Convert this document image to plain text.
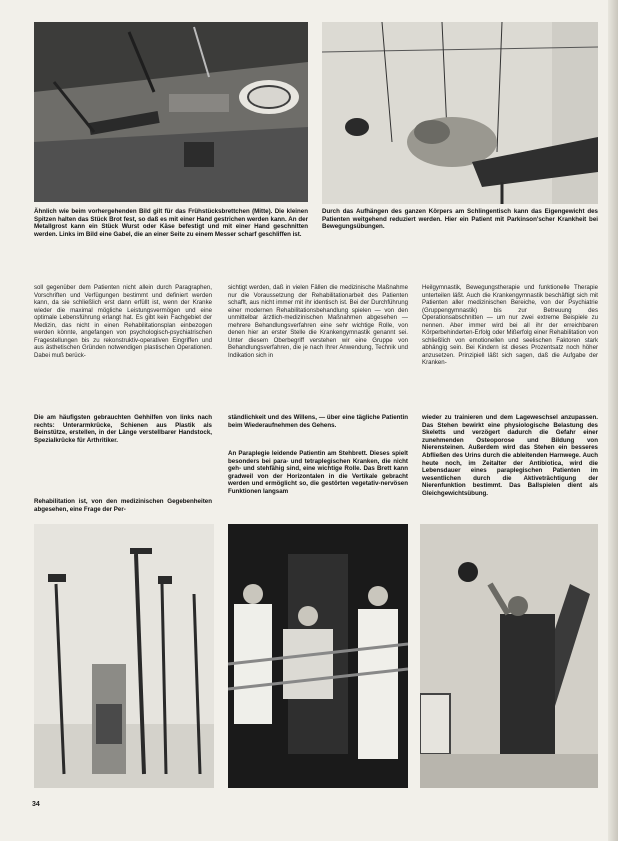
Ähnlich wie beim vorhergehenden Bild gilt für das Frühstücksbrettchen (Mitte). Die kleinen Spitzen halten das Stück Brot fest, so daß es mit einer Hand gestrichen werden kann. An der Metallgrost kann ein Stück Wurst oder Käse befestigt und mit einer Hand geschnitten werden. Links im Bild eine Gabel, die an einer Seite zu einem Messer scharf geschliffen ist.

Durch das Aufhängen des ganzen Körpers am Schlingentisch kann das Eigengewicht des Patienten weitgehend reduziert werden. Hier ein Patient mit Parkinson'scher Krankheit bei Bewegungsübungen.

soll gegenüber dem Patienten nicht allein durch Paragraphen, Vorschriften und Verfügungen bestimmt und definiert werden kann, da sie schließlich erst dann erfüllt ist, wenn der Kranke wieder die maximal mögliche Leistungsvermögen und eine optimale Lebensführung erlangt hat. Es gibt kein Fachgebiet der Medizin, das nicht in einen Rehabilitationsplan einbezogen werden könnte, angefangen von psychologisch-psychiatrischen Fragestellungen bis zu rekonstruktiv-operativen Eingriffen und aus ästhetischen Gründen notwendigen plastischen Operationen. Dabei muß berück-

sichtigt werden, daß in vielen Fällen die medizinische Maßnahme nur die Voraussetzung der Rehabilitationarbeit des Patienten schafft, aus nicht immer mit ihr identisch ist. Bei der Durchführung einer modernen Rehabilitationsbehandlung spielen — von den unmittelbar ärztlich-medizinischen Maßnahmen abgesehen — mehrere Behandlungsverfahren eine sehr wichtige Rolle, von denen hier an erster Stelle die Krankengymnastik genannt sei. Unter diesem Oberbegriff verstehen wir eine Gruppe von Behandlungsverfahren, die je nach Ihrer Anwendung, Technik und Indikation sich in

Heilgymnastik, Bewegungstherapie und funktionelle Therapie unterteilen läßt. Auch die Krankengymnastik beschäftigt sich mit Patienten aller medizinischen Bereiche, von der Psychiatrie (Gruppengymnastik) bis zur Betreuung des Operationsabschnitten — um nur zwei extreme Beispiele zu nennen. Aber immer wird bei all ihr der erreichbaren Körperbehinderten-Erfolg oder Mißerfolg einer Rehabilitation von schließlich von emotionellen und seelischen Faktoren stark abhängig sein. Bei Kindern ist dieses Prozentsatz noch höher anzusetzen. Prinzipiell läßt sich sagen, daß die Aufgabe der Kranken-

Die am häufigsten gebrauchten Gehhilfen von links nach rechts: Unterarmkrücke, Schienen aus Plastik als Beinstütze, erstellen, in der Länge verstellbarer Handstock, Spezialkrücke für Arthritiker.

ständlichkeit und des Willens, — über eine tägliche Patientin beim Wiederaufnehmen des Gehens.

An Paraplegie leidende Patientin am Stehbrett. Dieses spielt besonders bei para- und tetraplegischen Kranken, die nicht geh- und stehfähig sind, eine wichtige Rolle. Das Brett kann gradweil von der Horizontalen in die Vertikale gebracht werden und ermöglicht so, die gestörten vegetativ-nervösen Funktionen langsam

wieder zu trainieren und dem Lageweschsel anzupassen. Das Stehen bewirkt eine physiologische Belastung des Skeletts und verzögert dadurch die Gefahr einer zunehmenden Osteoporose und Bildung von Nierensteinen. Außerdem wird das Stehen ein besseres Abfließen des Urins durch die ableitenden Harnwege. Auch heute noch, im Zeitalter der Antibiotica, wird die Lebensdauer eines paraplegischen Patienten im wesentlichen durch die Aktiveträchtigung der Nierenfunktion bestimmt. Das Ballspielen dient als Gleichgewichtsübung.

Rehabilitation ist, von den medizinischen Gegebenheiten abgesehen, eine Frage der Per-

34
